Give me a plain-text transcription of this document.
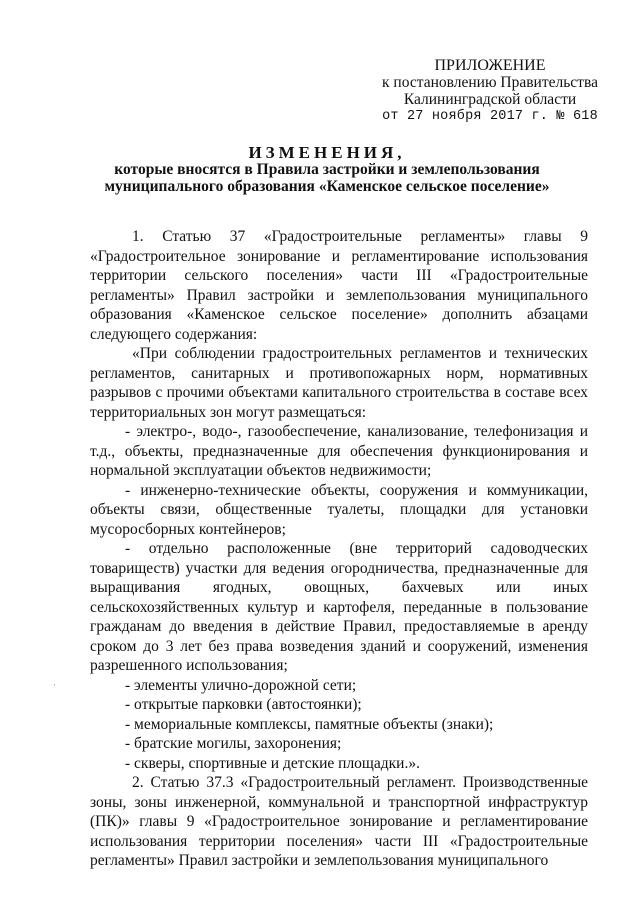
ПРИЛОЖЕНИЕ
к постановлению Правительства
Калининградской области
от 27 ноября 2017 г. № 618
ИЗМЕНЕНИЯ,
которые вносятся в Правила застройки и землепользования
муниципального образования «Каменское сельское поселение»

1. Статью 37 «Градостроительные регламенты» главы 9 «Градостроительное зонирование и регламентирование использования территории сельского поселения» части III «Градостроительные регламенты» Правил застройки и землепользования муниципального образования «Каменское сельское поселение» дополнить абзацами следующего содержания:

«При соблюдении градостроительных регламентов и технических регламентов, санитарных и противопожарных норм, нормативных разрывов с прочими объектами капитального строительства в составе всех территориальных зон могут размещаться:

- электро-, водо-, газообеспечение, канализование, телефонизация и т.д., объекты, предназначенные для обеспечения функционирования и нормальной эксплуатации объектов недвижимости;

- инженерно-технические объекты, сооружения и коммуникации, объекты связи, общественные туалеты, площадки для установки мусоросборных контейнеров;

- отдельно расположенные (вне территорий садоводческих товариществ) участки для ведения огородничества, предназначенные для выращивания ягодных, овощных, бахчевых или иных сельскохозяйственных культур и картофеля, переданные в пользование гражданам до введения в действие Правил, предоставляемые в аренду сроком до 3 лет без права возведения зданий и сооружений, изменения разрешенного использования;

- элементы улично-дорожной сети;

- открытые парковки (автостоянки);

- мемориальные комплексы, памятные объекты (знаки);

- братские могилы, захоронения;

- скверы, спортивные и детские площадки.».

2. Статью 37.3 «Градостроительный регламент. Производственные зоны, зоны инженерной, коммунальной и транспортной инфраструктур (ПК)» главы 9 «Градостроительное зонирование и регламентирование использования территории поселения» части III «Градостроительные регламенты» Правил застройки и землепользования муниципального
